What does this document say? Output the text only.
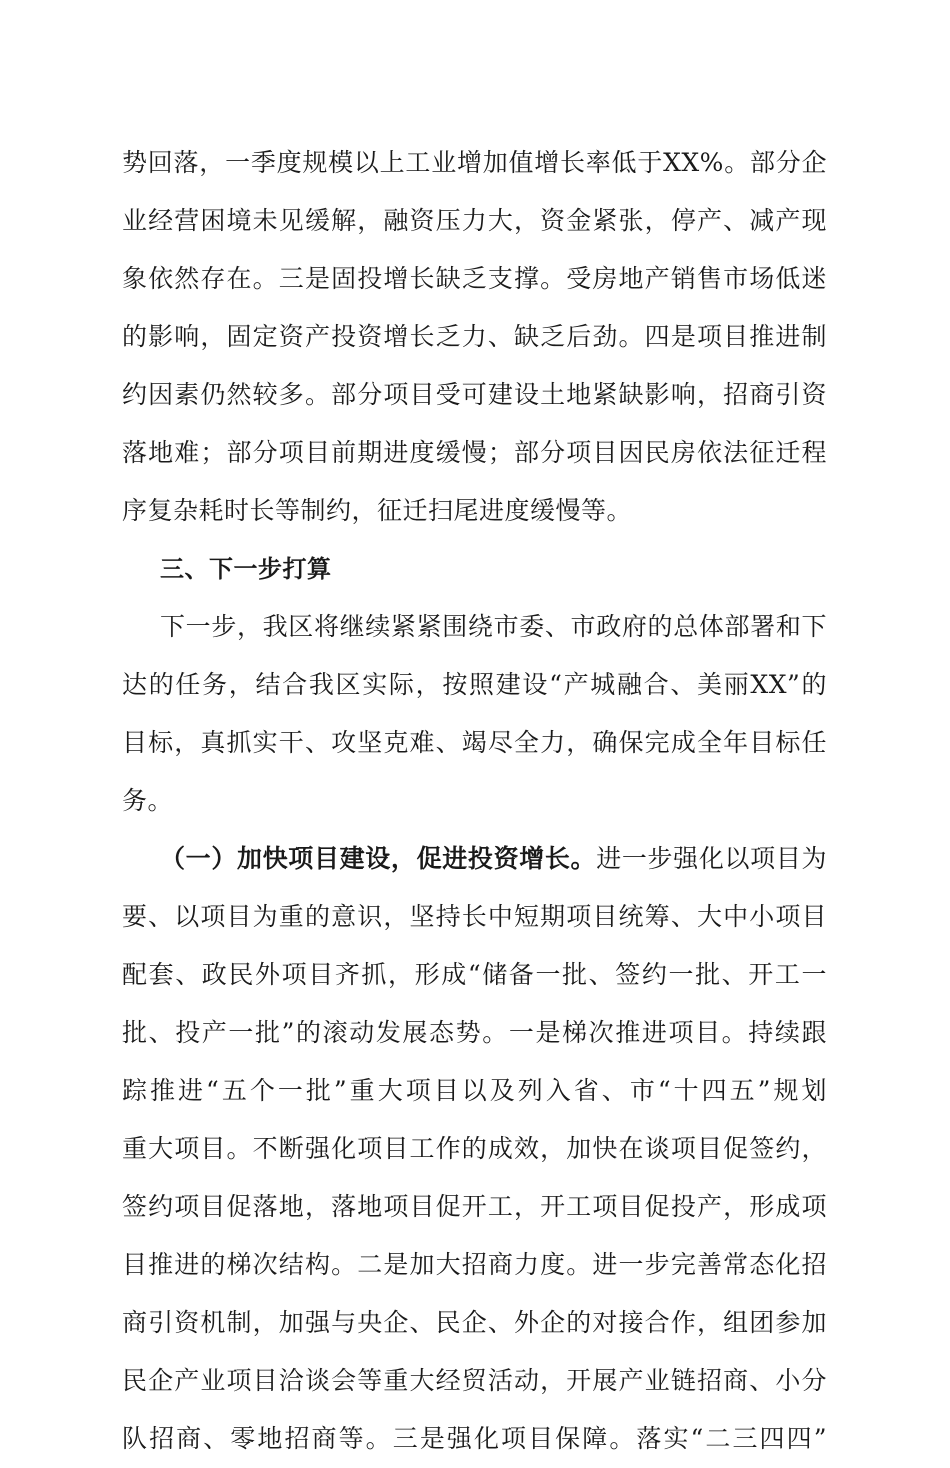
势回落，一季度规模以上工业增加值增长率低于XX%。部分企
业经营困境未见缓解，融资压力大，资金紧张，停产、减产现
象依然存在。三是固投增长缺乏支撑。受房地产销售市场低迷
的影响，固定资产投资增长乏力、缺乏后劲。四是项目推进制
约因素仍然较多。部分项目受可建设土地紧缺影响，招商引资
落地难；部分项目前期进度缓慢；部分项目因民房依法征迁程
序复杂耗时长等制约，征迁扫尾进度缓慢等。
三、下一步打算
下一步，我区将继续紧紧围绕市委、市政府的总体部署和下
达的任务，结合我区实际，按照建设“产城融合、美丽XX”的
目标，真抓实干、攻坚克难、竭尽全力，确保完成全年目标任
务。
（一）加快项目建设，促进投资增长。进一步强化以项目为
要、以项目为重的意识，坚持长中短期项目统筹、大中小项目
配套、政民外项目齐抓，形成“储备一批、签约一批、开工一
批、投产一批”的滚动发展态势。一是梯次推进项目。持续跟
踪推进“五个一批”重大项目以及列入省、市“十四五”规划
重大项目。不断强化项目工作的成效，加快在谈项目促签约，
签约项目促落地，落地项目促开工，开工项目促投产，形成项
目推进的梯次结构。二是加大招商力度。进一步完善常态化招
商引资机制，加强与央企、民企、外企的对接合作，组团参加
民企产业项目洽谈会等重大经贸活动，开展产业链招商、小分
队招商、零地招商等。三是强化项目保障。落实“二三四四”
